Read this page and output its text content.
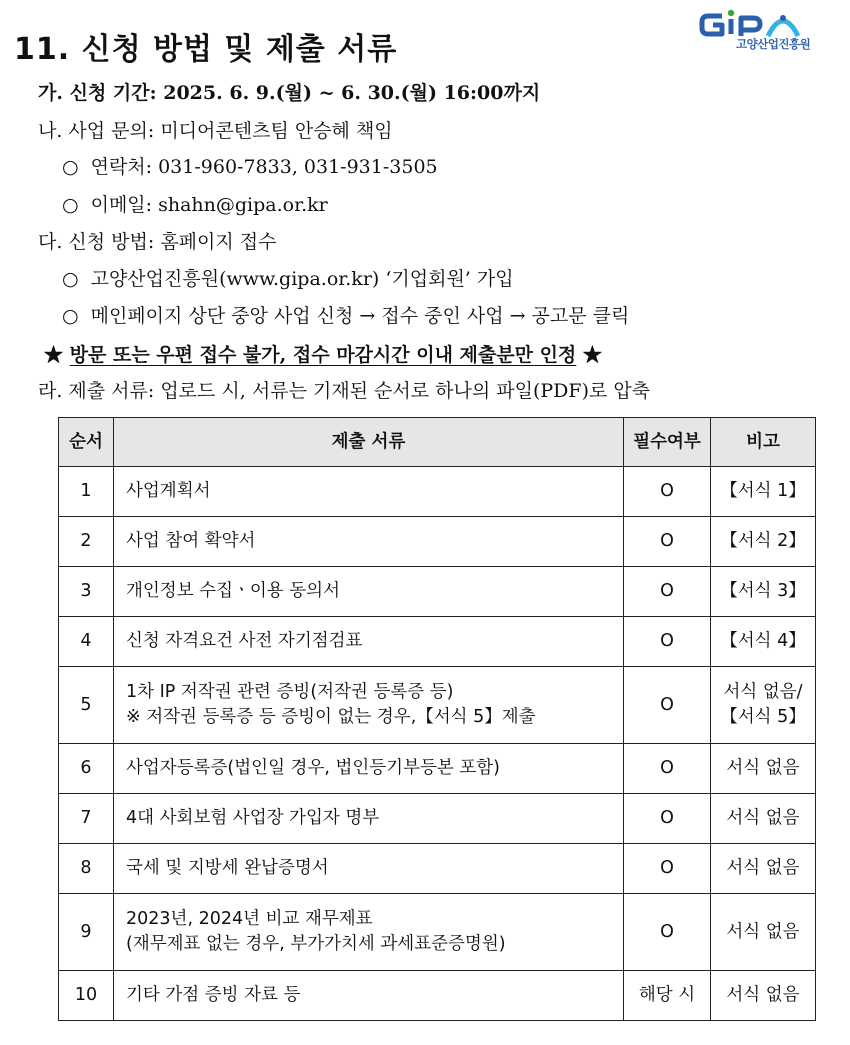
11. 신청 방법 및 제출 서류	고양산업진흥원
가. 신청 기간: 2025. 6. 9.(월) ~ 6. 30.(월) 16:00까지
나. 사업 문의: 미디어콘텐츠팀 안승혜 책임
○ 연락처: 031-960-7833, 031-931-3505
○ 이메일: shahn@gipa.or.kr
다. 신청 방법: 홈페이지 접수
○ 고양산업진흥원(www.gipa.or.kr) ‘기업회원’ 가입
○ 메인페이지 상단 중앙 사업 신청 → 접수 중인 사업 → 공고문 클릭
★ 방문 또는 우편 접수 불가, 접수 마감시간 이내 제출분만 인정 ★
라. 제출 서류: 업로드 시, 서류는 기재된 순서로 하나의 파일(PDF)로 압축
순서	제출 서류	필수여부	비고
1	사업계획서	O	【서식 1】
2	사업 참여 확약서	O	【서식 2】
3	개인정보 수집ㆍ이용 동의서	O	【서식 3】
4	신청 자격요건 사전 자기점검표	O	【서식 4】
5	1차 IP 저작권 관련 증빙(저작권 등록증 등)
※ 저작권 등록증 등 증빙이 없는 경우,【서식 5】제출	O	서식 없음/
【서식 5】

6	사업자등록증(법인일 경우, 법인등기부등본 포함)	O	서식 없음
7	4대 사회보험 사업장 가입자 명부	O	서식 없음
8	국세 및 지방세 완납증명서	O	서식 없음
9	2023년, 2024년 비교 재무제표
(재무제표 없는 경우, 부가가치세 과세표준증명원)	O	서식 없음
10	기타 가점 증빙 자료 등	해당 시	서식 없음
